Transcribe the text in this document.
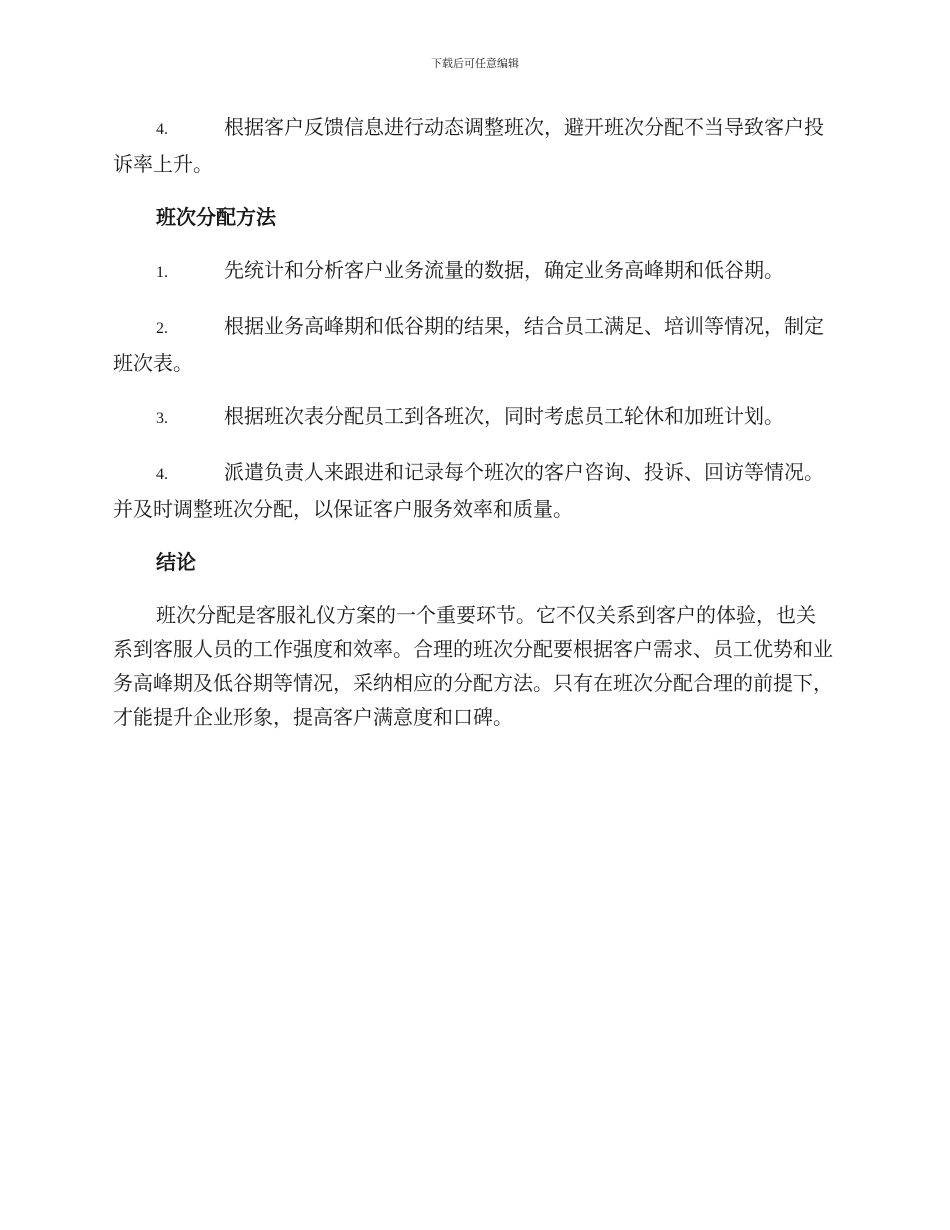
下载后可任意编辑

4.	根据客户反馈信息进行动态调整班次，避开班次分配不当导致客户投诉率上升。

班次分配方法

1.	先统计和分析客户业务流量的数据，确定业务高峰期和低谷期。

2.	根据业务高峰期和低谷期的结果，结合员工满足、培训等情况，制定班次表。

3.	根据班次表分配员工到各班次，同时考虑员工轮休和加班计划。

4.	派遣负责人来跟进和记录每个班次的客户咨询、投诉、回访等情况。并及时调整班次分配，以保证客户服务效率和质量。

结论

班次分配是客服礼仪方案的一个重要环节。它不仅关系到客户的体验，也关系到客服人员的工作强度和效率。合理的班次分配要根据客户需求、员工优势和业务高峰期及低谷期等情况，采纳相应的分配方法。只有在班次分配合理的前提下，才能提升企业形象，提高客户满意度和口碑。
